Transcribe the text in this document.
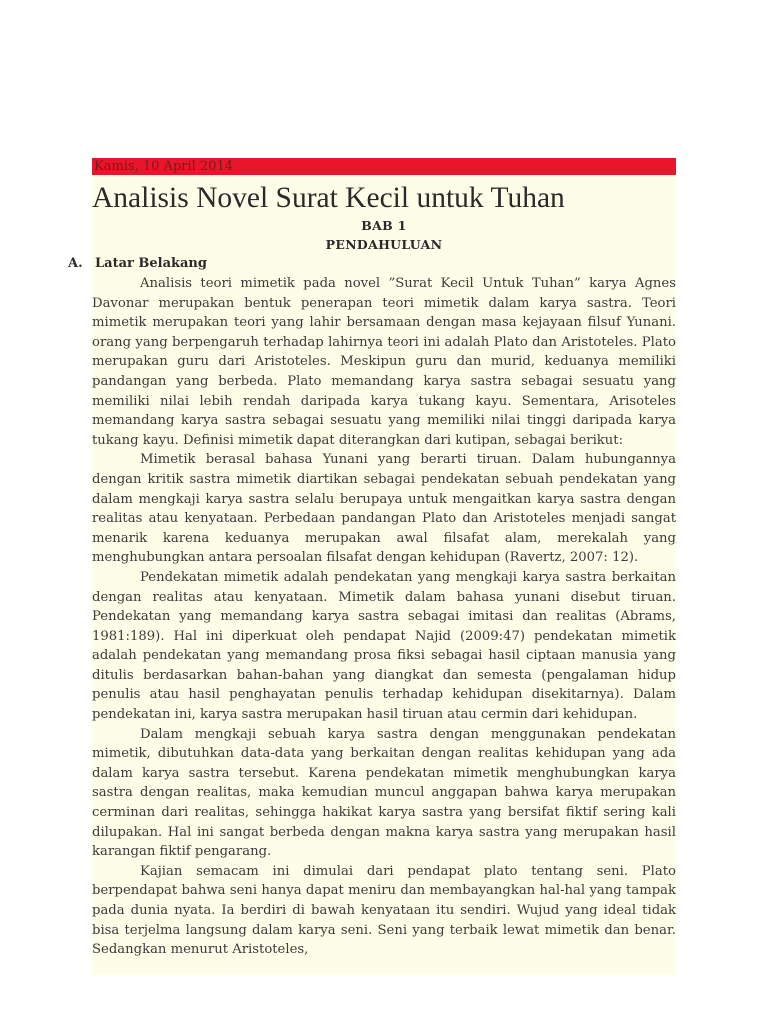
Kamis, 10 April 2014
Analisis Novel Surat Kecil untuk Tuhan
BAB 1
PENDAHULUAN
A. Latar Belakang

Analisis teori mimetik pada novel ”Surat Kecil Untuk Tuhan” karya Agnes Davonar merupakan bentuk penerapan teori mimetik dalam karya sastra. Teori mimetik merupakan teori yang lahir bersamaan dengan masa kejayaan filsuf Yunani. orang yang berpengaruh terhadap lahirnya teori ini adalah Plato dan Aristoteles. Plato merupakan guru dari Aristoteles. Meskipun guru dan murid, keduanya memiliki pandangan yang berbeda. Plato memandang karya sastra sebagai sesuatu yang memiliki nilai lebih rendah daripada karya tukang kayu. Sementara, Arisoteles memandang karya sastra sebagai sesuatu yang memiliki nilai tinggi daripada karya tukang kayu. Definisi mimetik dapat diterangkan dari kutipan, sebagai berikut:

Mimetik berasal bahasa Yunani yang berarti tiruan. Dalam hubungannya dengan kritik sastra mimetik diartikan sebagai pendekatan sebuah pendekatan yang dalam mengkaji karya sastra selalu berupaya untuk mengaitkan karya sastra dengan realitas atau kenyataan. Perbedaan pandangan Plato dan Aristoteles menjadi sangat menarik karena keduanya merupakan awal filsafat alam, merekalah yang menghubungkan antara persoalan filsafat dengan kehidupan (Ravertz, 2007: 12).

Pendekatan mimetik adalah pendekatan yang mengkaji karya sastra berkaitan dengan realitas atau kenyataan. Mimetik dalam bahasa yunani disebut tiruan. Pendekatan yang memandang karya sastra sebagai imitasi dan realitas (Abrams, 1981:189). Hal ini diperkuat oleh pendapat Najid (2009:47) pendekatan mimetik adalah pendekatan yang memandang prosa fiksi sebagai hasil ciptaan manusia yang ditulis berdasarkan bahan-bahan yang diangkat dan semesta (pengalaman hidup penulis atau hasil penghayatan penulis terhadap kehidupan disekitarnya). Dalam pendekatan ini, karya sastra merupakan hasil tiruan atau cermin dari kehidupan.

Dalam mengkaji sebuah karya sastra dengan menggunakan pendekatan mimetik, dibutuhkan data-data yang berkaitan dengan realitas kehidupan yang ada dalam karya sastra tersebut. Karena pendekatan mimetik menghubungkan karya sastra dengan realitas, maka kemudian muncul anggapan bahwa karya merupakan cerminan dari realitas, sehingga hakikat karya sastra yang bersifat fiktif sering kali dilupakan. Hal ini sangat berbeda dengan makna karya sastra yang merupakan hasil karangan fiktif pengarang.

Kajian semacam ini dimulai dari pendapat plato tentang seni. Plato berpendapat bahwa seni hanya dapat meniru dan membayangkan hal-hal yang tampak pada dunia nyata. Ia berdiri di bawah kenyataan itu sendiri. Wujud yang ideal tidak bisa terjelma langsung dalam karya seni. Seni yang terbaik lewat mimetik dan benar. Sedangkan menurut Aristoteles,
